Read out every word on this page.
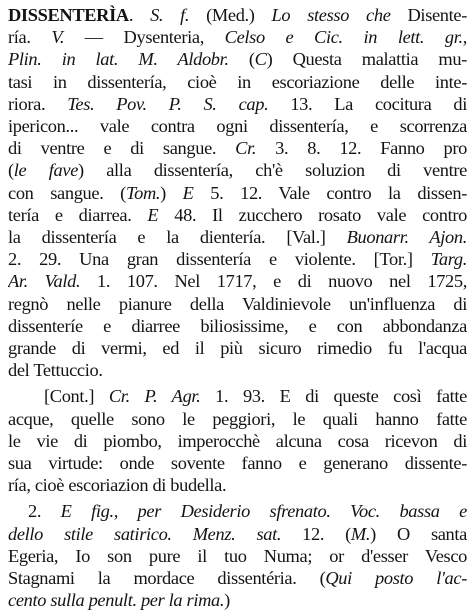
DISSENTERÌA. S. f. (Med.) Lo stesso che Disente-
ría. V. — Dysenteria, Celso e Cic. in lett. gr.,
Plin. in lat. M. Aldobr. (C) Questa malattia mu-
tasi in dissentería, cioè in escoriazione delle inte-
riora. Tes. Pov. P. S. cap. 13. La cocitura di
ipericon... vale contra ogni dissentería, e scorrenza
di ventre e di sangue. Cr. 3. 8. 12. Fanno pro
(le fave) alla dissentería, ch'è soluzion di ventre
con sangue. (Tom.) E 5. 12. Vale contro la dissen-
tería e diarrea. E 48. Il zucchero rosato vale contro
la dissentería e la dientería. [Val.] Buonarr. Ajon.
2. 29. Una gran dissentería e violente. [Tor.] Targ.
Ar. Vald. 1. 107. Nel 1717, e di nuovo nel 1725,
regnò nelle pianure della Valdinievole un'influenza di
dissenteríe e diarree biliosissime, e con abbondanza
grande di vermi, ed il più sicuro rimedio fu l'acqua
del Tettuccio.
[Cont.] Cr. P. Agr. 1. 93. E di queste così fatte
acque, quelle sono le peggiori, le quali hanno fatte
le vie di piombo, imperocchè alcuna cosa ricevon di
sua virtude: onde sovente fanno e generano dissente-
ría, cioè escoriazion di budella.
2. E fig., per Desiderio sfrenato. Voc. bassa e
dello stile satirico. Menz. sat. 12. (M.) O santa
Egeria, Io son pure il tuo Numa; or d'esser Vesco
Stagnami la mordace dissentéria. (Qui posto l'ac-
cento sulla penult. per la rima.)
